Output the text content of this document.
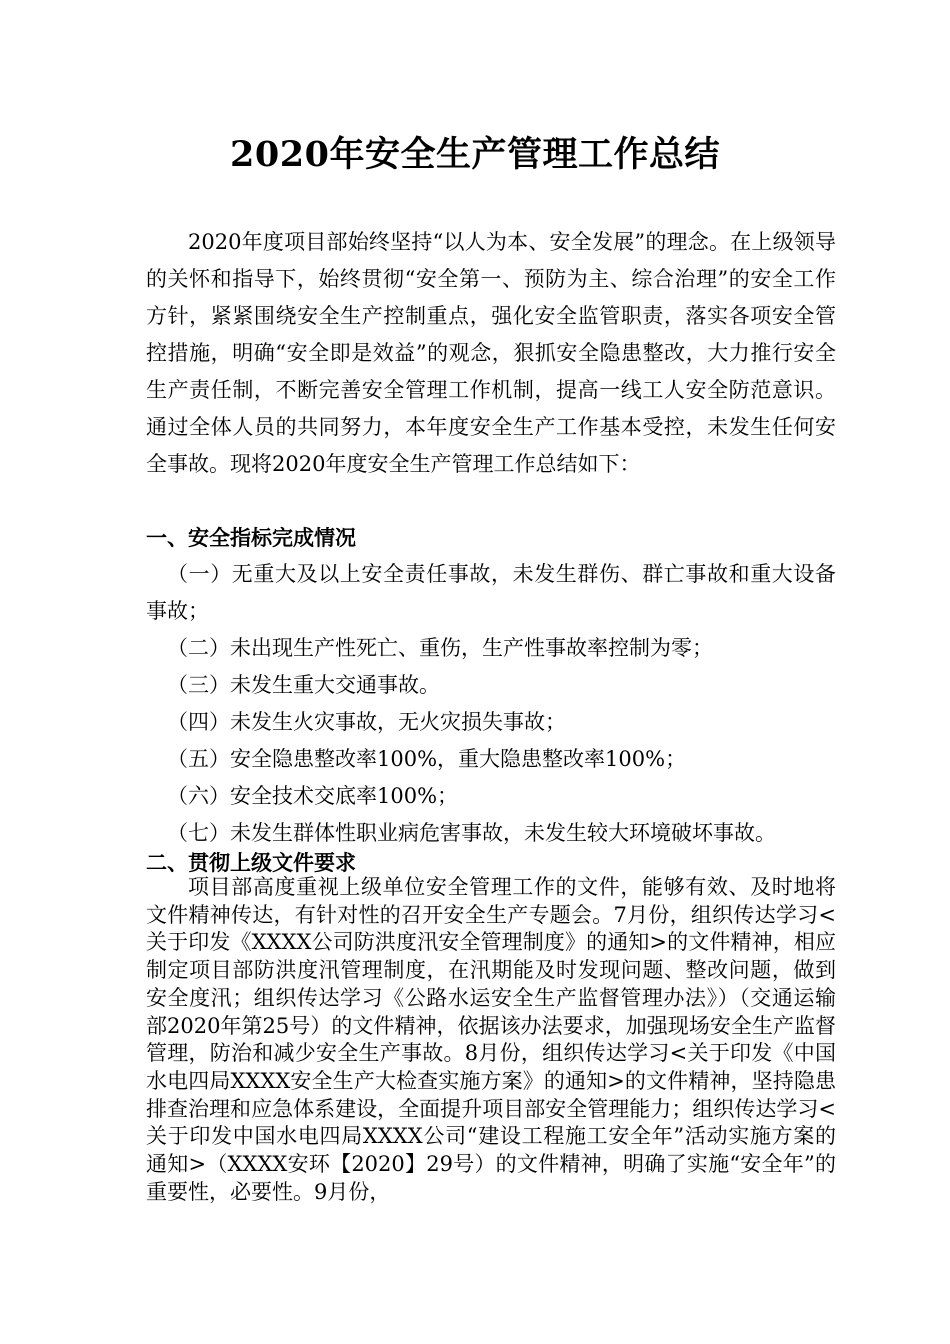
2020年安全生产管理工作总结

2020年度项目部始终坚持“以人为本、安全发展”的理念。在上级领导的关怀和指导下，始终贯彻“安全第一、预防为主、综合治理”的安全工作方针，紧紧围绕安全生产控制重点，强化安全监管职责，落实各项安全管控措施，明确“安全即是效益”的观念，狠抓安全隐患整改，大力推行安全生产责任制，不断完善安全管理工作机制，提高一线工人安全防范意识。通过全体人员的共同努力，本年度安全生产工作基本受控，未发生任何安全事故。现将2020年度安全生产管理工作总结如下：

一、安全指标完成情况

（一）无重大及以上安全责任事故，未发生群伤、群亡事故和重大设备事故；
（二）未出现生产性死亡、重伤，生产性事故率控制为零；
（三）未发生重大交通事故。
（四）未发生火灾事故，无火灾损失事故；
（五）安全隐患整改率100%，重大隐患整改率100%；
（六）安全技术交底率100%；
（七）未发生群体性职业病危害事故，未发生较大环境破坏事故。

二、贯彻上级文件要求

项目部高度重视上级单位安全管理工作的文件，能够有效、及时地将文件精神传达，有针对性的召开安全生产专题会。7月份，组织传达学习<关于印发《XXXX公司防洪度汛安全管理制度》的通知>的文件精神，相应制定项目部防洪度汛管理制度，在汛期能及时发现问题、整改问题，做到安全度汛；组织传达学习《公路水运安全生产监督管理办法》）（交通运输部2020年第25号）的文件精神，依据该办法要求，加强现场安全生产监督管理，防治和减少安全生产事故。8月份，组织传达学习<关于印发《中国水电四局XXXX安全生产大检查实施方案》的通知>的文件精神，坚持隐患排查治理和应急体系建设，全面提升项目部安全管理能力；组织传达学习<关于印发中国水电四局XXXX公司“建设工程施工安全年”活动实施方案的通知>（XXXX安环【2020】29号）的文件精神，明确了实施“安全年”的重要性，必要性。9月份，
